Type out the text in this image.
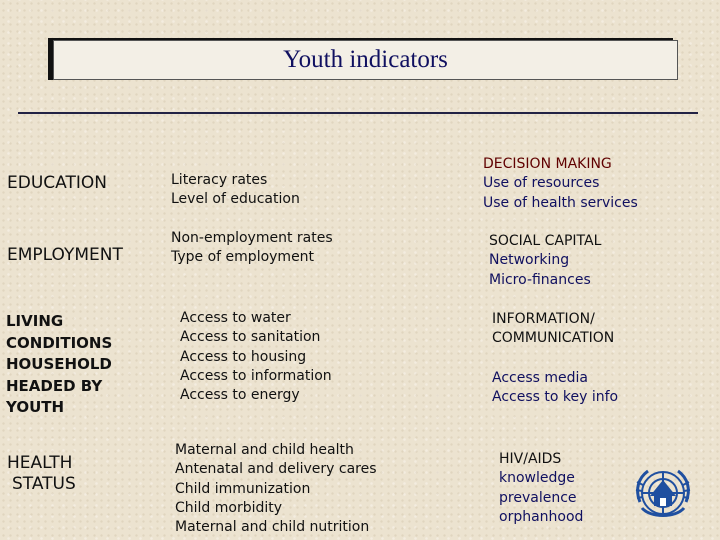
Youth indicators
EDUCATION
EMPLOYMENT
LIVING
CONDITIONS
HOUSEHOLD
HEADED BY
YOUTH
HEALTH
STATUS
Literacy rates
Level of education
Non-employment rates
Type of employment
Access to water
Access to sanitation
Access to housing
Access to information
Access to energy
Maternal and child health
Antenatal and delivery cares
Child immunization
Child morbidity
Maternal and child nutrition
DECISION MAKING
Use of resources
Use of health services
SOCIAL CAPITAL
Networking
Micro-finances
INFORMATION/
COMMUNICATION
Access media
Access to key info
HIV/AIDS
knowledge
prevalence
orphanhood
